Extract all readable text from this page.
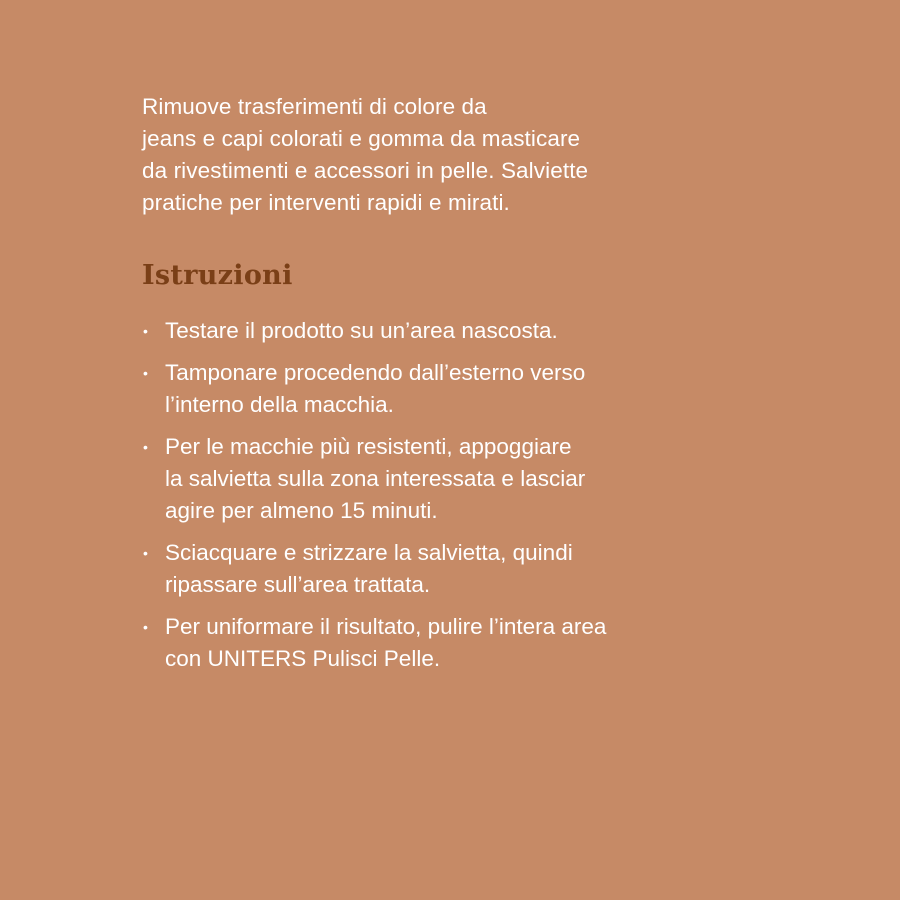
Rimuove trasferimenti di colore da
jeans e capi colorati e gomma da masticare
da rivestimenti e accessori in pelle. Salviette
pratiche per interventi rapidi e mirati.

Istruzioni
• Testare il prodotto su un’area nascosta.
• Tamponare procedendo dall’esterno verso
l’interno della macchia.
• Per le macchie più resistenti, appoggiare
la salvietta sulla zona interessata e lasciar
agire per almeno 15 minuti.
• Sciacquare e strizzare la salvietta, quindi
ripassare sull’area trattata.
• Per uniformare il risultato, pulire l’intera area
con UNITERS Pulisci Pelle.
